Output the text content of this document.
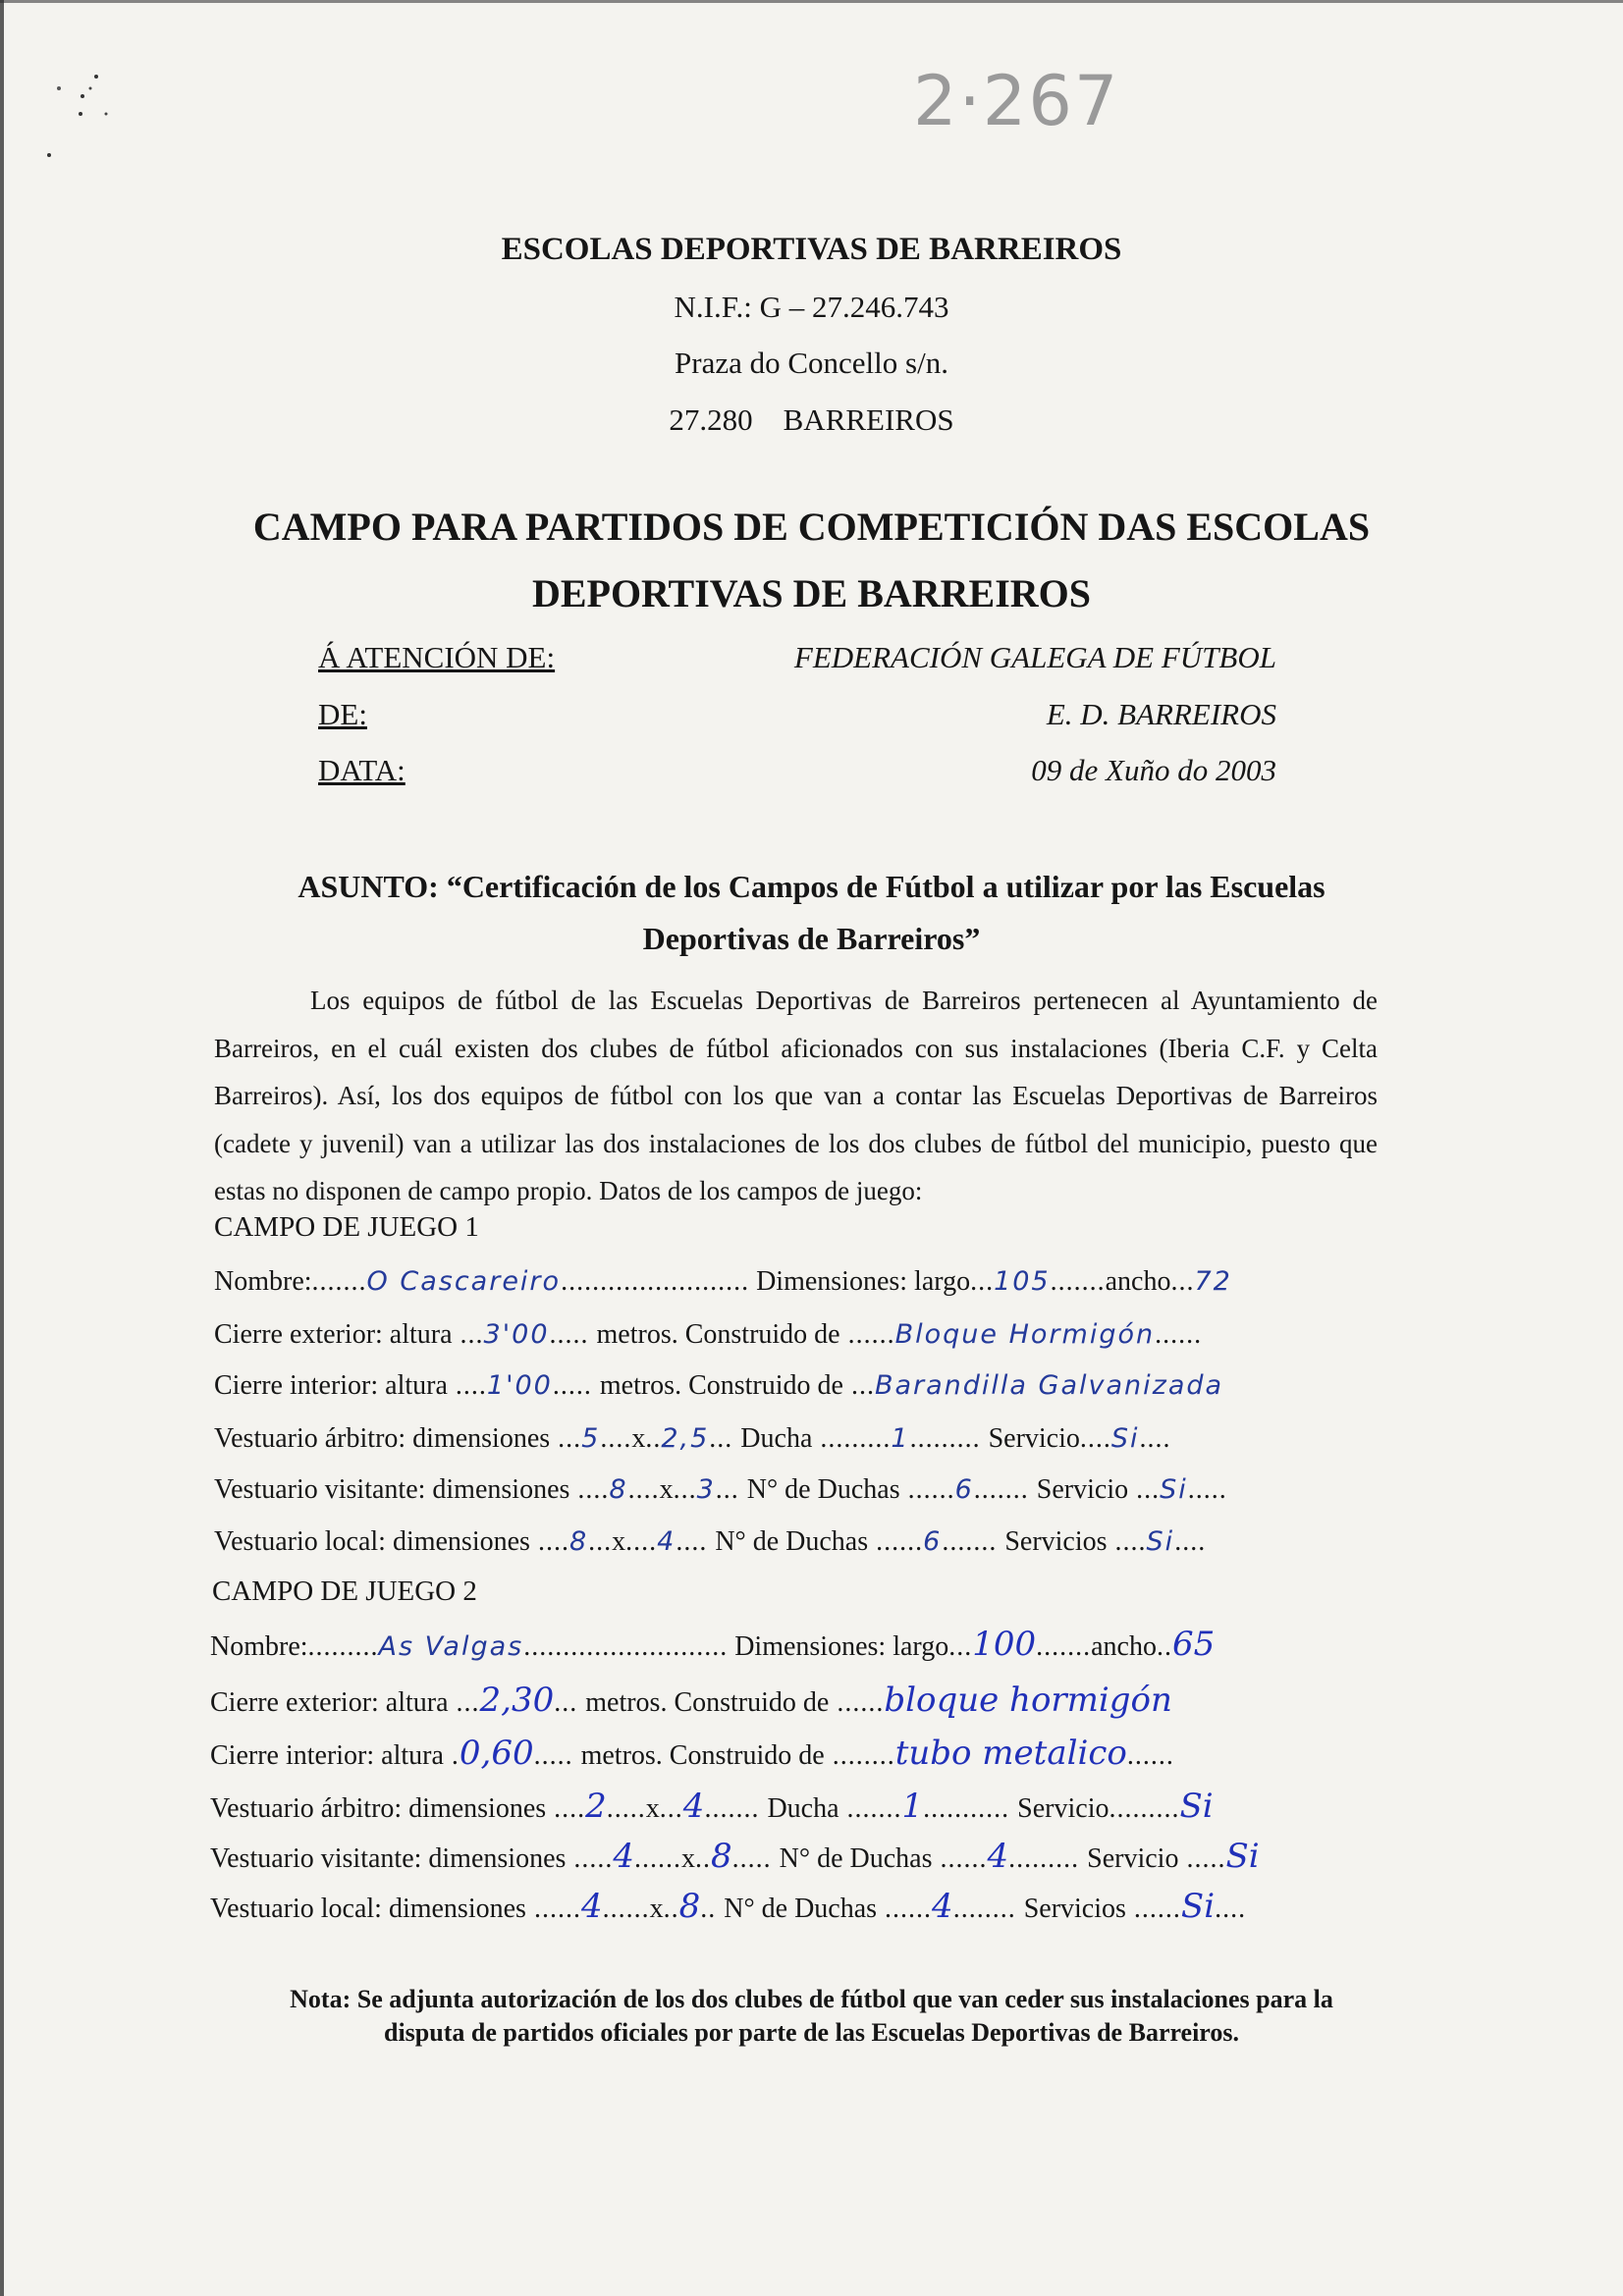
2·267
ESCOLAS DEPORTIVAS DE BARREIROS
N.I.F.: G – 27.246.743
Praza do Concello s/n.
27.280    BARREIROS
CAMPO PARA PARTIDOS DE COMPETICIÓN DAS ESCOLAS
DEPORTIVAS DE BARREIROS
Á ATENCIÓN DE:	FEDERACIÓN GALEGA DE FÚTBOL
DE:	E. D. BARREIROS
DATA:	09 de Xuño do 2003
ASUNTO: “Certificación de los Campos de Fútbol a utilizar por las Escuelas
Deportivas de Barreiros”
Los equipos de fútbol de las Escuelas Deportivas de Barreiros pertenecen al Ayuntamiento de Barreiros, en el cuál existen dos clubes de fútbol aficionados con sus instalaciones (Iberia C.F. y Celta Barreiros). Así, los dos equipos de fútbol con los que van a contar las Escuelas Deportivas de Barreiros (cadete y juvenil) van a utilizar las dos instalaciones de los dos clubes de fútbol del municipio, puesto que estas no disponen de campo propio. Datos de los campos de juego:
CAMPO DE JUEGO 1
Nombre:.......O Cascareiro........................ Dimensiones: largo...105.......ancho...72
Cierre exterior: altura ...3'00..... metros. Construido de ......Bloque Hormigón......
Cierre interior: altura ....1'00..... metros. Construido de ...Barandilla Galvanizada
Vestuario árbitro: dimensiones ...5....x..2,5... Ducha .........1......... Servicio....Si....
Vestuario visitante: dimensiones ....8....x...3... N° de Duchas ......6....... Servicio ...Si.....
Vestuario local: dimensiones ....8...x....4.... N° de Duchas ......6....... Servicios ....Si....
CAMPO DE JUEGO 2
Nombre:.........As Valgas.......................... Dimensiones: largo...100.......ancho..65
Cierre exterior: altura ...2,30... metros. Construido de ......bloque hormigón
Cierre interior: altura .0,60..... metros. Construido de ........tubo metalico......
Vestuario árbitro: dimensiones ....2.....x...4....... Ducha .......1........... Servicio.........Si
Vestuario visitante: dimensiones .....4......x..8..... N° de Duchas ......4......... Servicio .....Si
Vestuario local: dimensiones ......4......x..8.. N° de Duchas ......4........ Servicios ......Si....
Nota: Se adjunta autorización de los dos clubes de fútbol que van ceder sus instalaciones para la
disputa de partidos oficiales por parte de las Escuelas Deportivas de Barreiros.
